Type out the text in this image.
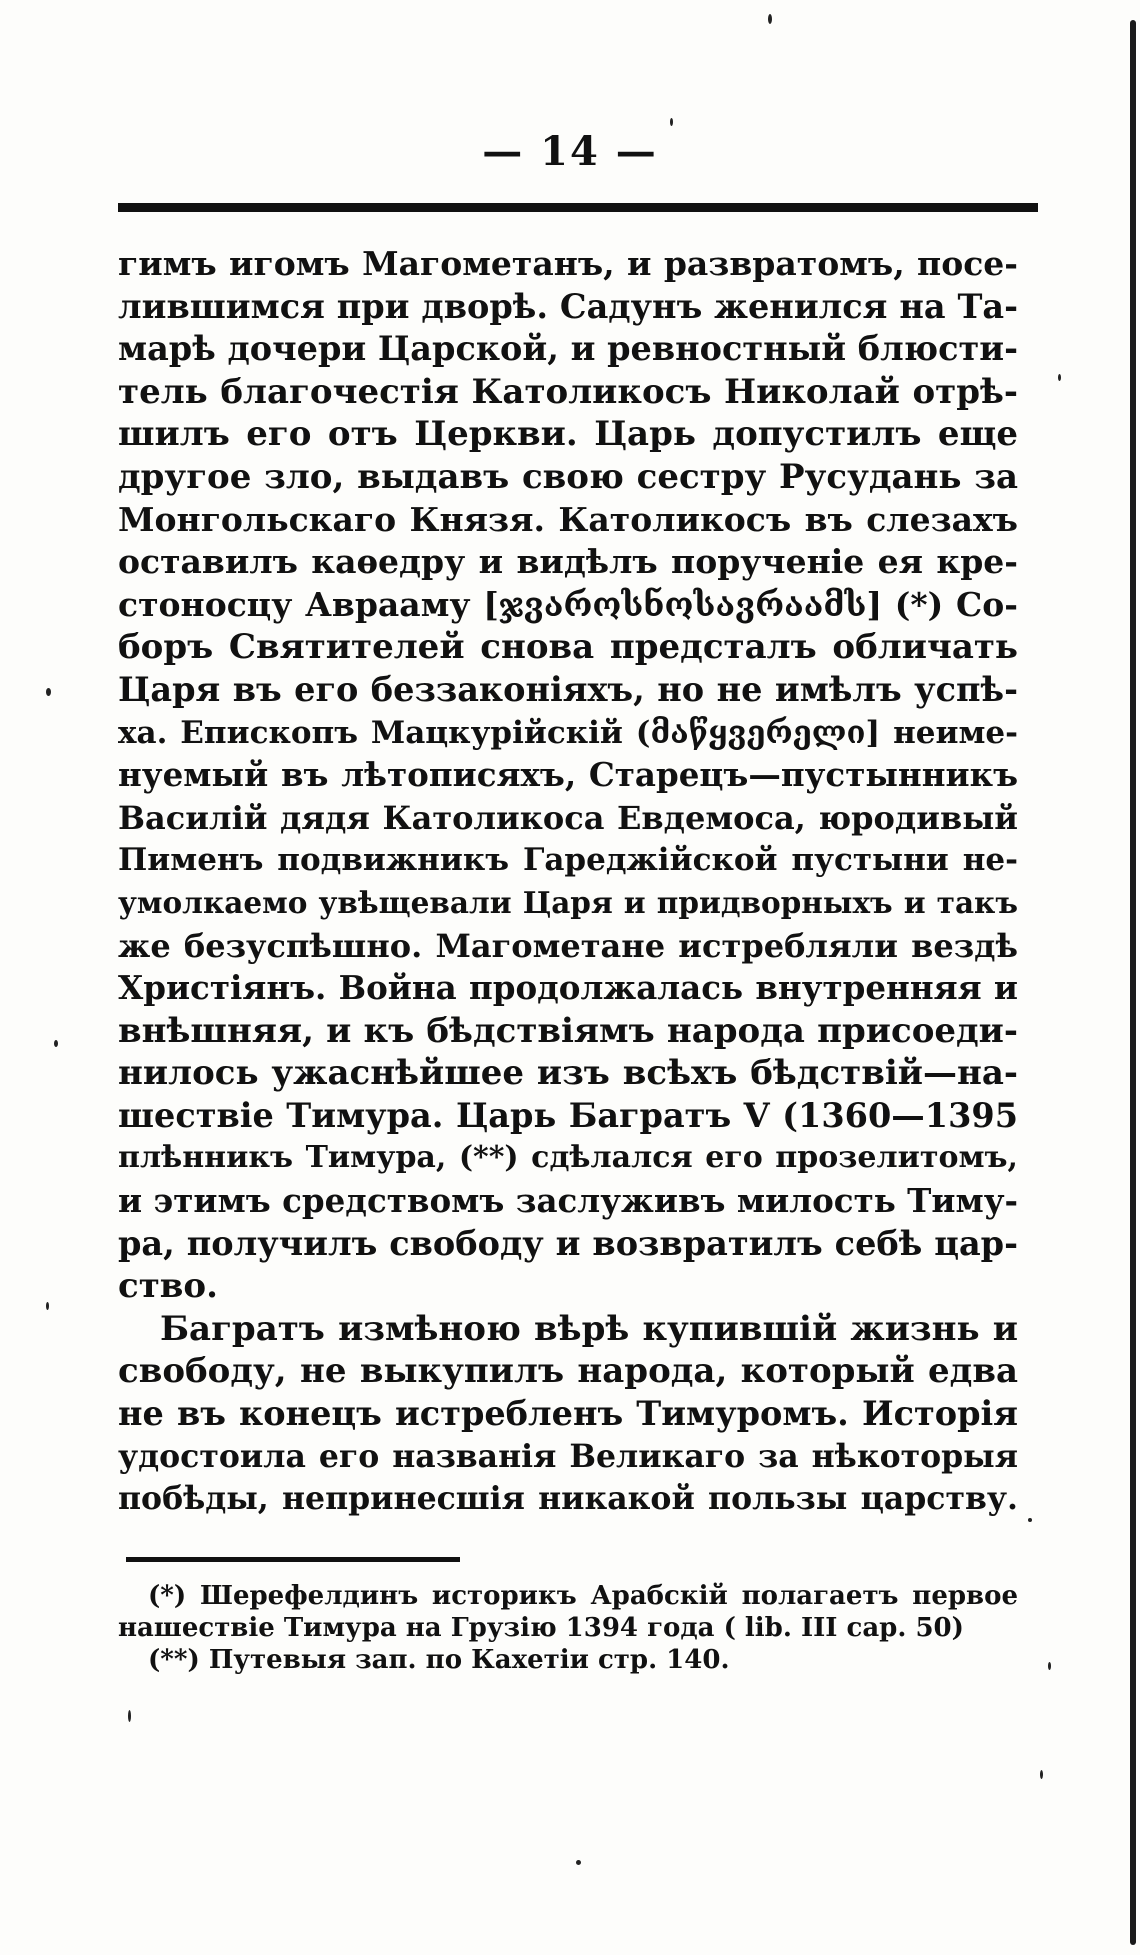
— 14 —
гимъ игомъ Магометанъ, и развратомъ, посе-
лившимся при дворѣ. Садунъ женился на Та-
марѣ дочери Царской, и ревностный блюсти-
тель благочестія Католикосъ Николай отрѣ-
шилъ его отъ Церкви. Царь допустилъ еще
другое зло, выдавъ свою сестру Русудань за
Монгольскаго Князя. Католикосъ въ слезахъ
оставилъ каѳедру и видѣлъ порученіе ея кре-
стоносцу Аврааму [ჯვაროსნოსავრაამს] (*) Со-
боръ Святителей снова предсталъ обличать
Царя въ его беззаконіяхъ, но не имѣлъ успѣ-
ха. Епископъ Мацкурійскій (მაწყვერელი] неиме-
нуемый въ лѣтописяхъ, Старецъ—пустынникъ
Василій дядя Католикоса Евдемоса, юродивый
Пименъ подвижникъ Гареджійской пустыни не-
умолкаемо увѣщевали Царя и придворныхъ и такъ
же безуспѣшно. Магометане истребляли вездѣ
Христіянъ. Война продолжалась внутренняя и
внѣшняя, и къ бѣдствіямъ народа присоеди-
нилось ужаснѣйшее изъ всѣхъ бѣдствій—на-
шествіе Тимура. Царь Багратъ V (1360—1395
плѣнникъ Тимура, (**) сдѣлался его прозелитомъ,
и этимъ средствомъ заслуживъ милость Тиму-
ра, получилъ свободу и возвратилъ себѣ цар-
ство.
Багратъ измѣною вѣрѣ купившій жизнь и
свободу, не выкупилъ народа, который едва
не въ конецъ истребленъ Тимуромъ. Исторія
удостоила его названія Великаго за нѣкоторыя
побѣды, непринесшія никакой пользы царству.
(*) Шерефелдинъ историкъ Арабскій полагаетъ первое
нашествіе Тимура на Грузію 1394 года ( lib. III cap. 50)
(**) Путевыя зап. по Кахетіи стр. 140.
